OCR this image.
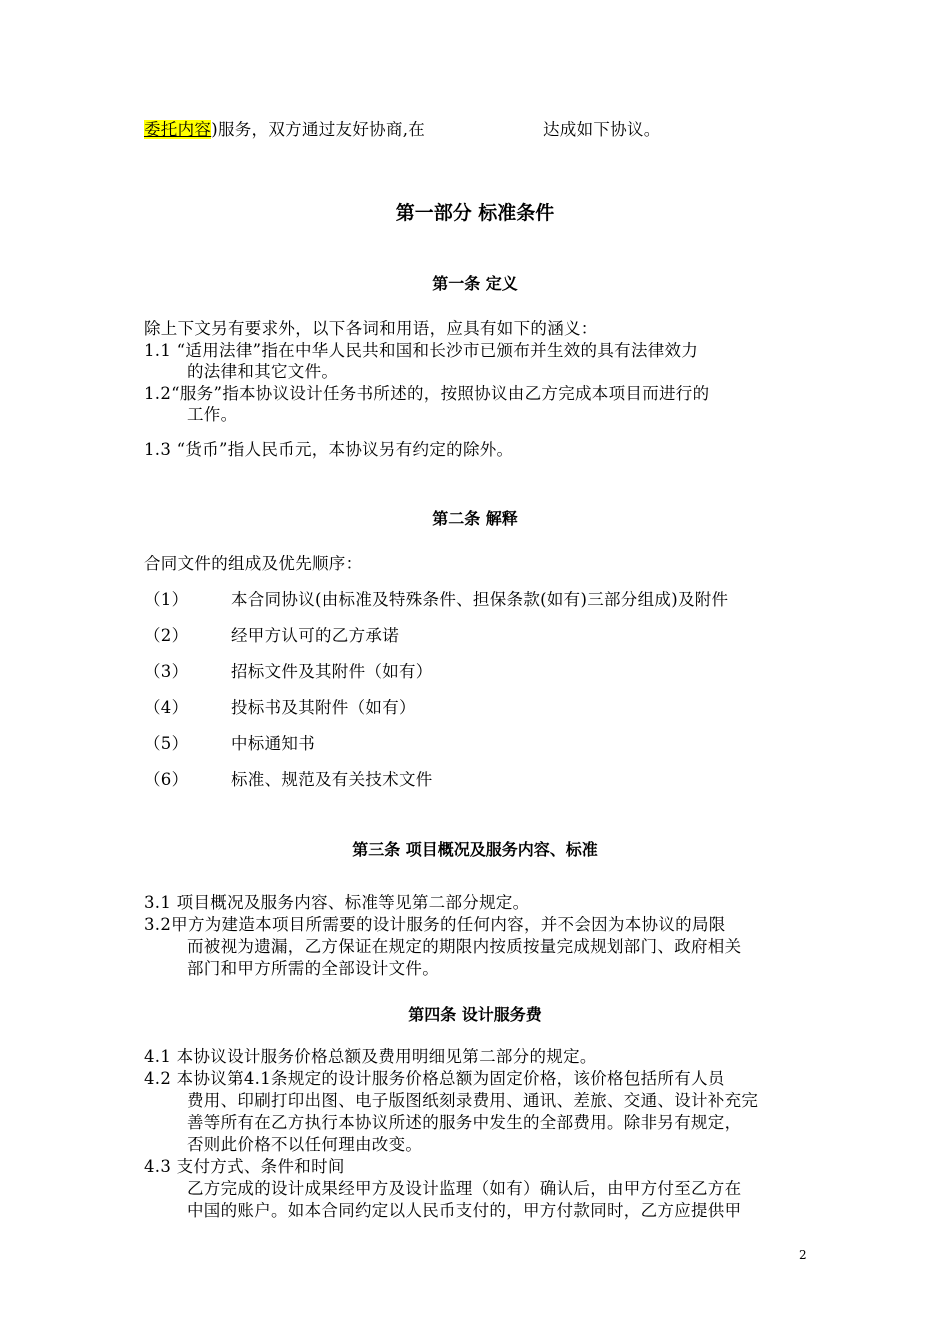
委托内容)服务，双方通过友好协商,在	达成如下协议。
第一部分 标准条件
第一条 定义
除上下文另有要求外，以下各词和用语，应具有如下的涵义：
1.1 “适用法律”指在中华人民共和国和长沙市已颁布并生效的具有法律效力
的法律和其它文件。
1.2“服务”指本协议设计任务书所述的，按照协议由乙方完成本项目而进行的
工作。
1.3 “货币”指人民币元，本协议另有约定的除外。
第二条 解释
合同文件的组成及优先顺序：
（1）	本合同协议(由标准及特殊条件、担保条款(如有)三部分组成)及附件
（2）	经甲方认可的乙方承诺
（3）	招标文件及其附件（如有）
（4）	投标书及其附件（如有）
（5）	中标通知书
（6）	标准、规范及有关技术文件
第三条 项目概况及服务内容、标准
3.1 项目概况及服务内容、标准等见第二部分规定。
3.2甲方为建造本项目所需要的设计服务的任何内容，并不会因为本协议的局限
而被视为遗漏，乙方保证在规定的期限内按质按量完成规划部门、政府相关
部门和甲方所需的全部设计文件。
第四条 设计服务费
4.1 本协议设计服务价格总额及费用明细见第二部分的规定。
4.2 本协议第4.1条规定的设计服务价格总额为固定价格，该价格包括所有人员
费用、印刷打印出图、电子版图纸刻录费用、通讯、差旅、交通、设计补充完
善等所有在乙方执行本协议所述的服务中发生的全部费用。除非另有规定，
否则此价格不以任何理由改变。
4.3 支付方式、条件和时间
乙方完成的设计成果经甲方及设计监理（如有）确认后，由甲方付至乙方在
中国的账户。如本合同约定以人民币支付的，甲方付款同时，乙方应提供甲
2
